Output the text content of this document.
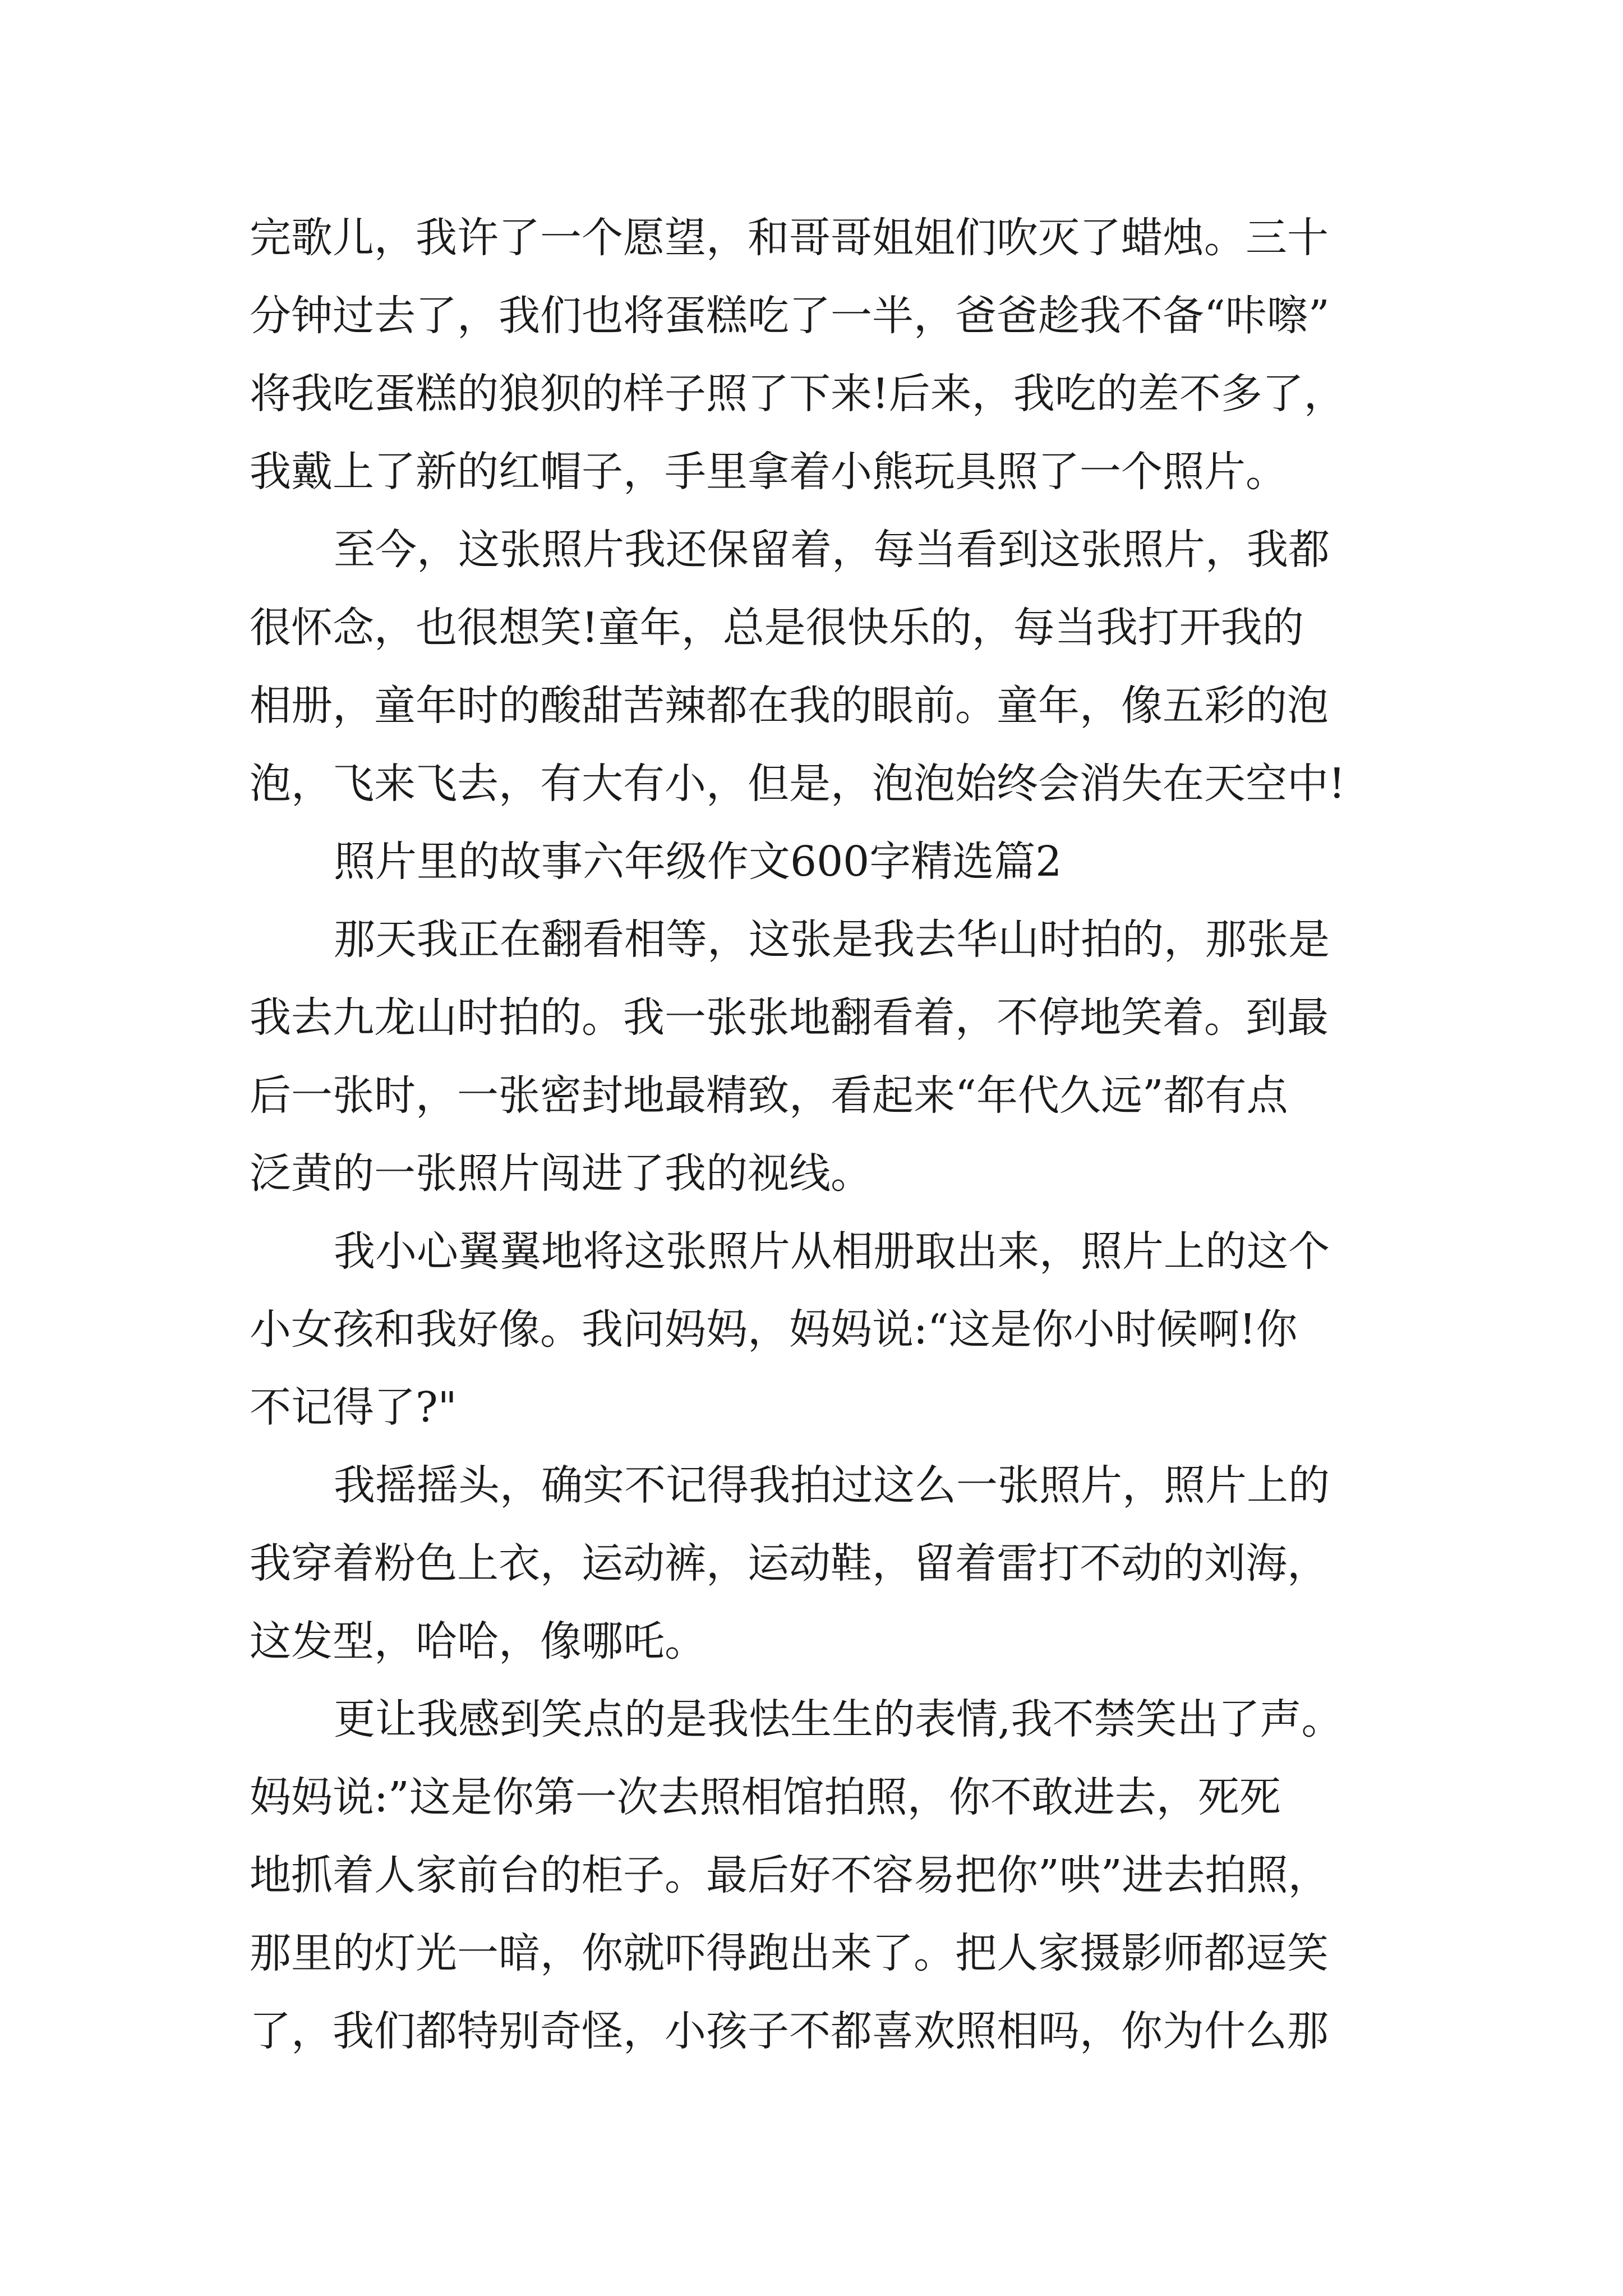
完歌儿，我许了一个愿望，和哥哥姐姐们吹灭了蜡烛。三十
分钟过去了，我们也将蛋糕吃了一半，爸爸趁我不备“咔嚓”
将我吃蛋糕的狼狈的样子照了下来!后来，我吃的差不多了，
我戴上了新的红帽子，手里拿着小熊玩具照了一个照片。
至今，这张照片我还保留着，每当看到这张照片，我都
很怀念，也很想笑!童年，总是很快乐的，每当我打开我的
相册，童年时的酸甜苦辣都在我的眼前。童年，像五彩的泡
泡，飞来飞去，有大有小，但是，泡泡始终会消失在天空中!
照片里的故事六年级作文600字精选篇2
那天我正在翻看相等，这张是我去华山时拍的，那张是
我去九龙山时拍的。我一张张地翻看着，不停地笑着。到最
后一张时，一张密封地最精致，看起来“年代久远”都有点
泛黄的一张照片闯进了我的视线。
我小心翼翼地将这张照片从相册取出来，照片上的这个
小女孩和我好像。我问妈妈，妈妈说:“这是你小时候啊!你
不记得了?"
我摇摇头，确实不记得我拍过这么一张照片，照片上的
我穿着粉色上衣，运动裤，运动鞋，留着雷打不动的刘海，
这发型，哈哈，像哪吒。
更让我感到笑点的是我怯生生的表情,我不禁笑出了声。
妈妈说:”这是你第一次去照相馆拍照，你不敢进去，死死
地抓着人家前台的柜子。最后好不容易把你”哄”进去拍照，
那里的灯光一暗，你就吓得跑出来了。把人家摄影师都逗笑
了，我们都特别奇怪，小孩子不都喜欢照相吗，你为什么那
